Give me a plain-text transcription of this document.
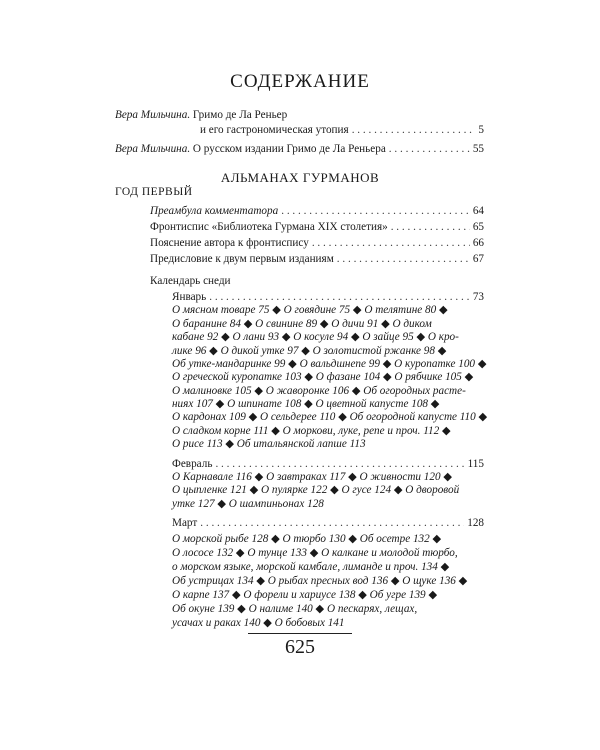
СОДЕРЖАНИЕ
Вера Мильчина. Гримо де Ла Реньер
и его гастрономическая утопия . . .	5
Вера Мильчина. О русском издании Гримо де Ла Реньера . . .	55
АЛЬМАНАХ ГУРМАНОВ
ГОД ПЕРВЫЙ
Преамбула комментатора . . .	64
Фронтиспис «Библиотека Гурмана XIX столетия» . . .	65
Пояснение автора к фронтиспису . . .	66
Предисловие к двум первым изданиям . . .	67
Календарь снеди
Январь . . .	73
О мясном товаре 75 ◆ О говядине 75 ◆ О телятине 80 ◆
О баранине 84 ◆ О свинине 89 ◆ О дичи 91 ◆ О диком
кабане 92 ◆ О лани 93 ◆ О косуле 94 ◆ О зайце 95 ◆ О кро-
лике 96 ◆ О дикой утке 97 ◆ О золотистой ржанке 98 ◆
Об утке-мандаринке 99 ◆ О вальдшнепе 99 ◆ О куропатке 100 ◆
О греческой куропатке 103 ◆ О фазане 104 ◆ О рябчике 105 ◆
О малиновке 105 ◆ О жаворонке 106 ◆ Об огородных расте-
ниях 107 ◆ О шпинате 108 ◆ О цветной капусте 108 ◆
О кардонах 109 ◆ О сельдерее 110 ◆ Об огородной капусте 110 ◆
О сладком корне 111 ◆ О моркови, луке, репе и проч. 112 ◆
О рисе 113 ◆ Об итальянской лапше 113
Февраль . . .	115
О Карнавале 116 ◆ О завтраках 117 ◆ О живности 120 ◆
О цыпленке 121 ◆ О пулярке 122 ◆ О гусе 124 ◆ О дворовой
утке 127 ◆ О шампиньонах 128
Март . . .	128
625
О морской рыбе 128 ◆ О тюрбо 130 ◆ Об осетре 132 ◆
О лососе 132 ◆ О тунце 133 ◆ О калкане и молодой тюрбо,
о морском языке, морской камбале, лиманде и проч. 134 ◆
Об устрицах 134 ◆ О рыбах пресных вод 136 ◆ О щуке 136 ◆
О карпе 137 ◆ О форели и хариусе 138 ◆ Об угре 139 ◆
Об окуне 139 ◆ О налиме 140 ◆ О пескарях, лещах,
усачах и раках 140 ◆ О бобовых 141
